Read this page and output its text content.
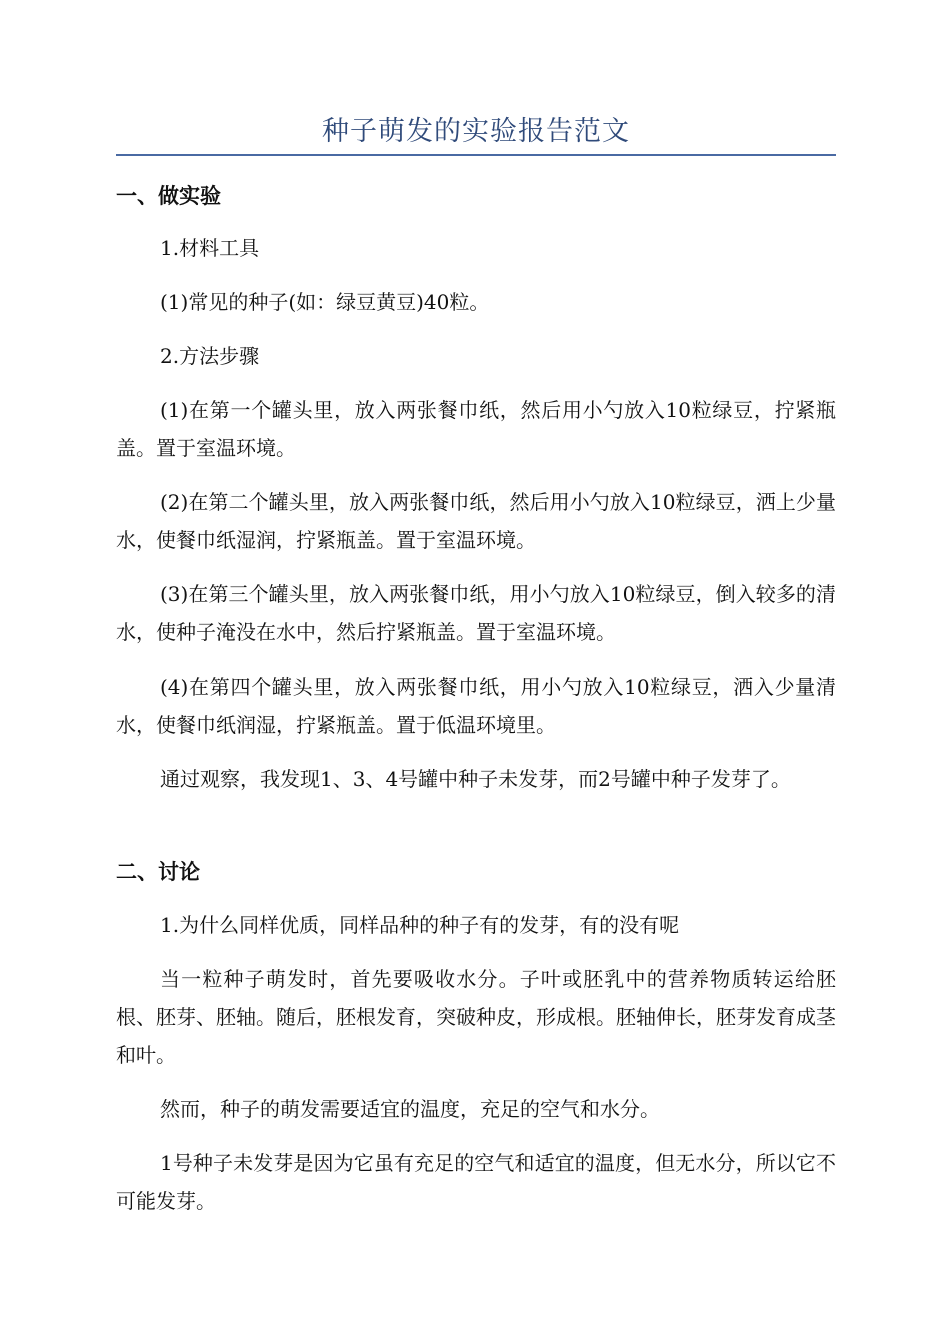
种子萌发的实验报告范文
一、做实验
1.材料工具
(1)常见的种子(如：绿豆黄豆)40粒。
2.方法步骤
(1)在第一个罐头里，放入两张餐巾纸，然后用小勺放入10粒绿豆，拧紧瓶盖。置于室温环境。
(2)在第二个罐头里，放入两张餐巾纸，然后用小勺放入10粒绿豆，洒上少量水，使餐巾纸湿润，拧紧瓶盖。置于室温环境。
(3)在第三个罐头里，放入两张餐巾纸，用小勺放入10粒绿豆，倒入较多的清水，使种子淹没在水中，然后拧紧瓶盖。置于室温环境。
(4)在第四个罐头里，放入两张餐巾纸，用小勺放入10粒绿豆，洒入少量清水，使餐巾纸润湿，拧紧瓶盖。置于低温环境里。
通过观察，我发现1、3、4号罐中种子未发芽，而2号罐中种子发芽了。
二、讨论
1.为什么同样优质，同样品种的种子有的发芽，有的没有呢
当一粒种子萌发时，首先要吸收水分。子叶或胚乳中的营养物质转运给胚根、胚芽、胚轴。随后，胚根发育，突破种皮，形成根。胚轴伸长，胚芽发育成茎和叶。
然而，种子的萌发需要适宜的温度，充足的空气和水分。
1号种子未发芽是因为它虽有充足的空气和适宜的温度，但无水分，所以它不可能发芽。
